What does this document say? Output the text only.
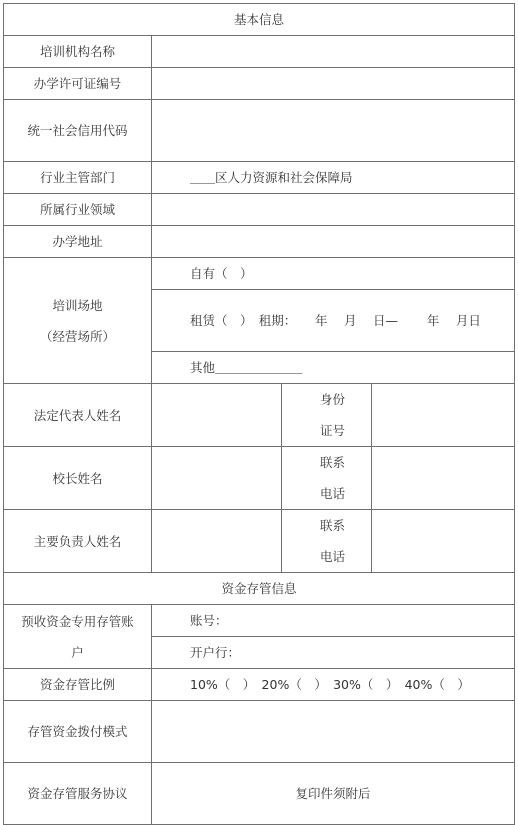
基本信息			
培训机构名称			
办学许可证编号			
统一社会信用代码			
行业主管部门	＿＿区人力资源和社会保障局		
所属行业领域			
办学地址			

培训场地
（经营场所）	自有（　）		
	租赁（　）　租期：　　年　 月　 日—　　 年　 月日		
	其他＿＿＿＿＿＿＿		
法定代表人姓名		身份证号	
校长姓名		联系电话	
主要负责人姓名		联系电话	
资金存管信息			
预收资金专用存管账户	账号：		
	开户行：		
资金存管比例	10%（　）　20%（　）　30%（　）　40%（　）		
存管资金拨付模式			
资金存管服务协议	复印件须附后		
